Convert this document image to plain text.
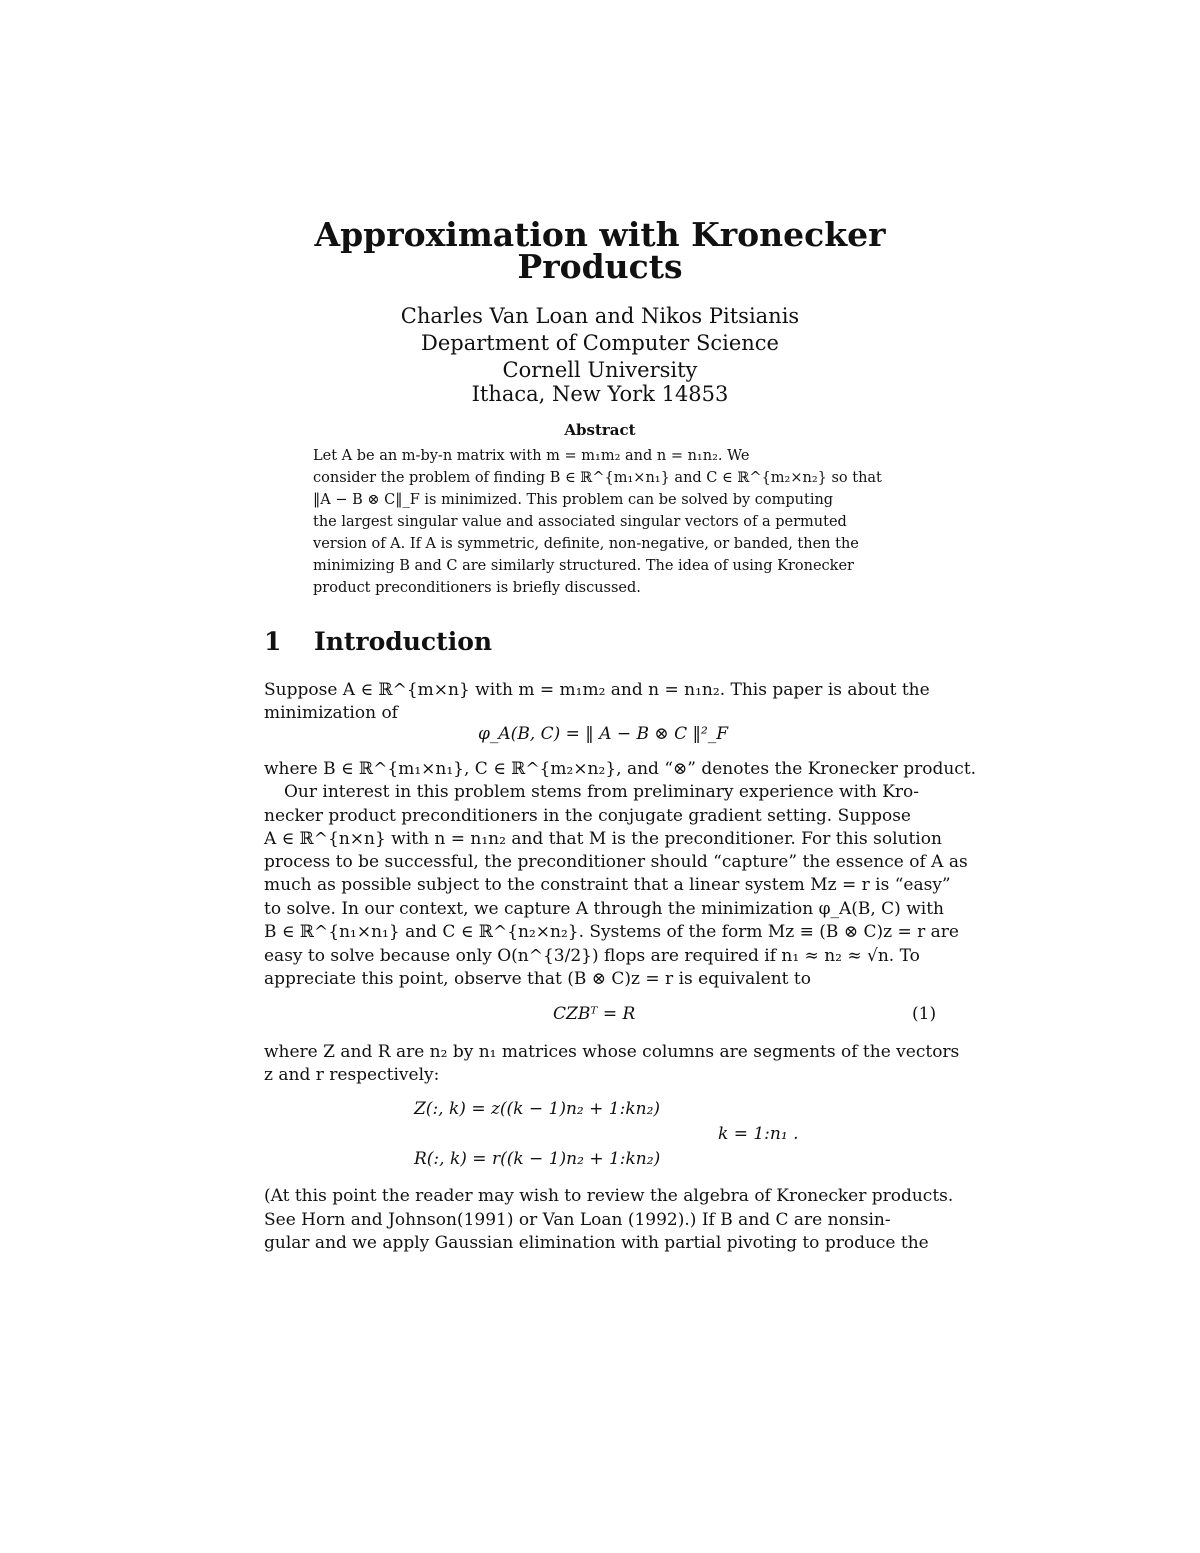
Approximation with Kronecker
Products
Charles Van Loan and Nikos Pitsianis
Department of Computer Science
Cornell University
Ithaca, New York 14853
Abstract
Let A be an m-by-n matrix with m = m₁m₂ and n = n₁n₂. We
consider the problem of finding B ∈ ℝ^{m₁×n₁} and C ∈ ℝ^{m₂×n₂} so that
‖A − B ⊗ C‖_F is minimized. This problem can be solved by computing
the largest singular value and associated singular vectors of a permuted
version of A. If A is symmetric, definite, non-negative, or banded, then the
minimizing B and C are similarly structured. The idea of using Kronecker
product preconditioners is briefly discussed.
1 Introduction
Suppose A ∈ ℝ^{m×n} with m = m₁m₂ and n = n₁n₂. This paper is about the
minimization of
φ_A(B, C) = ‖ A − B ⊗ C ‖²_F
where B ∈ ℝ^{m₁×n₁}, C ∈ ℝ^{m₂×n₂}, and “⊗” denotes the Kronecker product.
Our interest in this problem stems from preliminary experience with Kro-
necker product preconditioners in the conjugate gradient setting. Suppose
A ∈ ℝ^{n×n} with n = n₁n₂ and that M is the preconditioner. For this solution
process to be successful, the preconditioner should “capture” the essence of A as
much as possible subject to the constraint that a linear system Mz = r is “easy”
to solve. In our context, we capture A through the minimization φ_A(B, C) with
B ∈ ℝ^{n₁×n₁} and C ∈ ℝ^{n₂×n₂}. Systems of the form Mz ≡ (B ⊗ C)z = r are
easy to solve because only O(n^{3/2}) flops are required if n₁ ≈ n₂ ≈ √n. To
appreciate this point, observe that (B ⊗ C)z = r is equivalent to
CZBᵀ = R	(1)
where Z and R are n₂ by n₁ matrices whose columns are segments of the vectors
z and r respectively:
Z(:, k) = z((k − 1)n₂ + 1:kn₂)
k = 1:n₁ .
R(:, k) = r((k − 1)n₂ + 1:kn₂)
(At this point the reader may wish to review the algebra of Kronecker products.
See Horn and Johnson(1991) or Van Loan (1992).) If B and C are nonsin-
gular and we apply Gaussian elimination with partial pivoting to produce the
